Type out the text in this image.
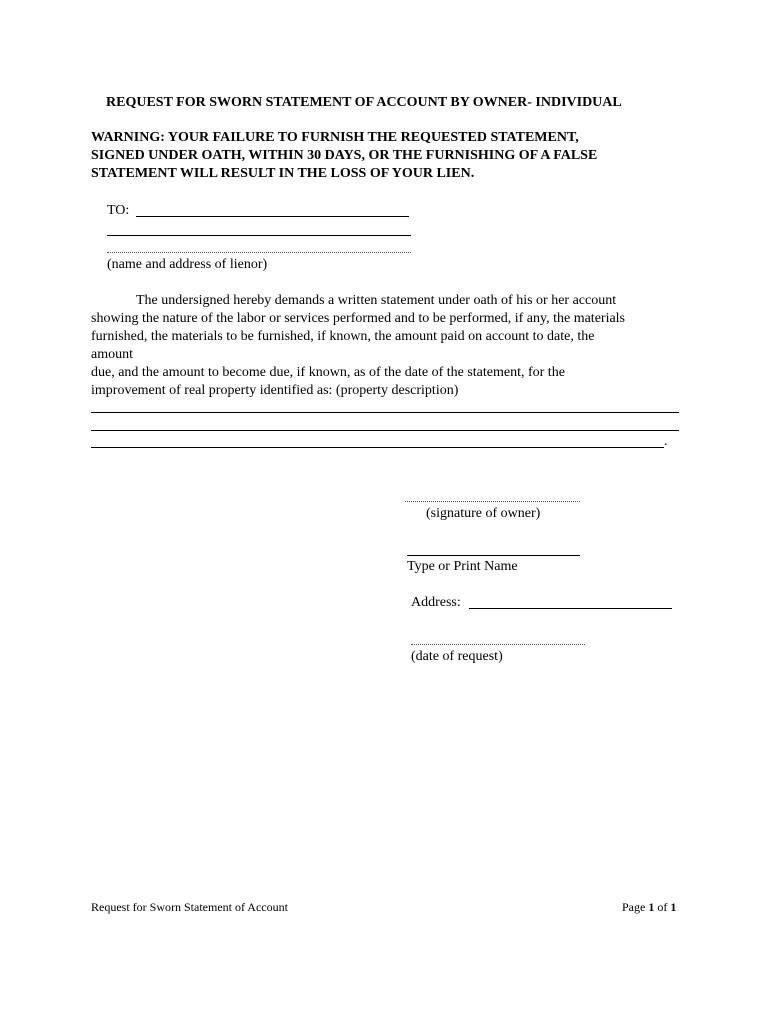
REQUEST FOR SWORN STATEMENT OF ACCOUNT BY OWNER- INDIVIDUAL
WARNING: YOUR FAILURE TO FURNISH THE REQUESTED STATEMENT,
SIGNED UNDER OATH, WITHIN 30 DAYS, OR THE FURNISHING OF A FALSE
STATEMENT WILL RESULT IN THE LOSS OF YOUR LIEN.
TO:
(name and address of lienor)
The undersigned hereby demands a written statement under oath of his or her account
showing the nature of the labor or services performed and to be performed, if any, the materials
furnished, the materials to be furnished, if known, the amount paid on account to date, the
amount
due, and the amount to become due, if known, as of the date of the statement, for the
improvement of real property identified as: (property description)
.
(signature of owner)
Type or Print Name
Address:
(date of request)
Request for Sworn Statement of Account	Page 1 of 1
